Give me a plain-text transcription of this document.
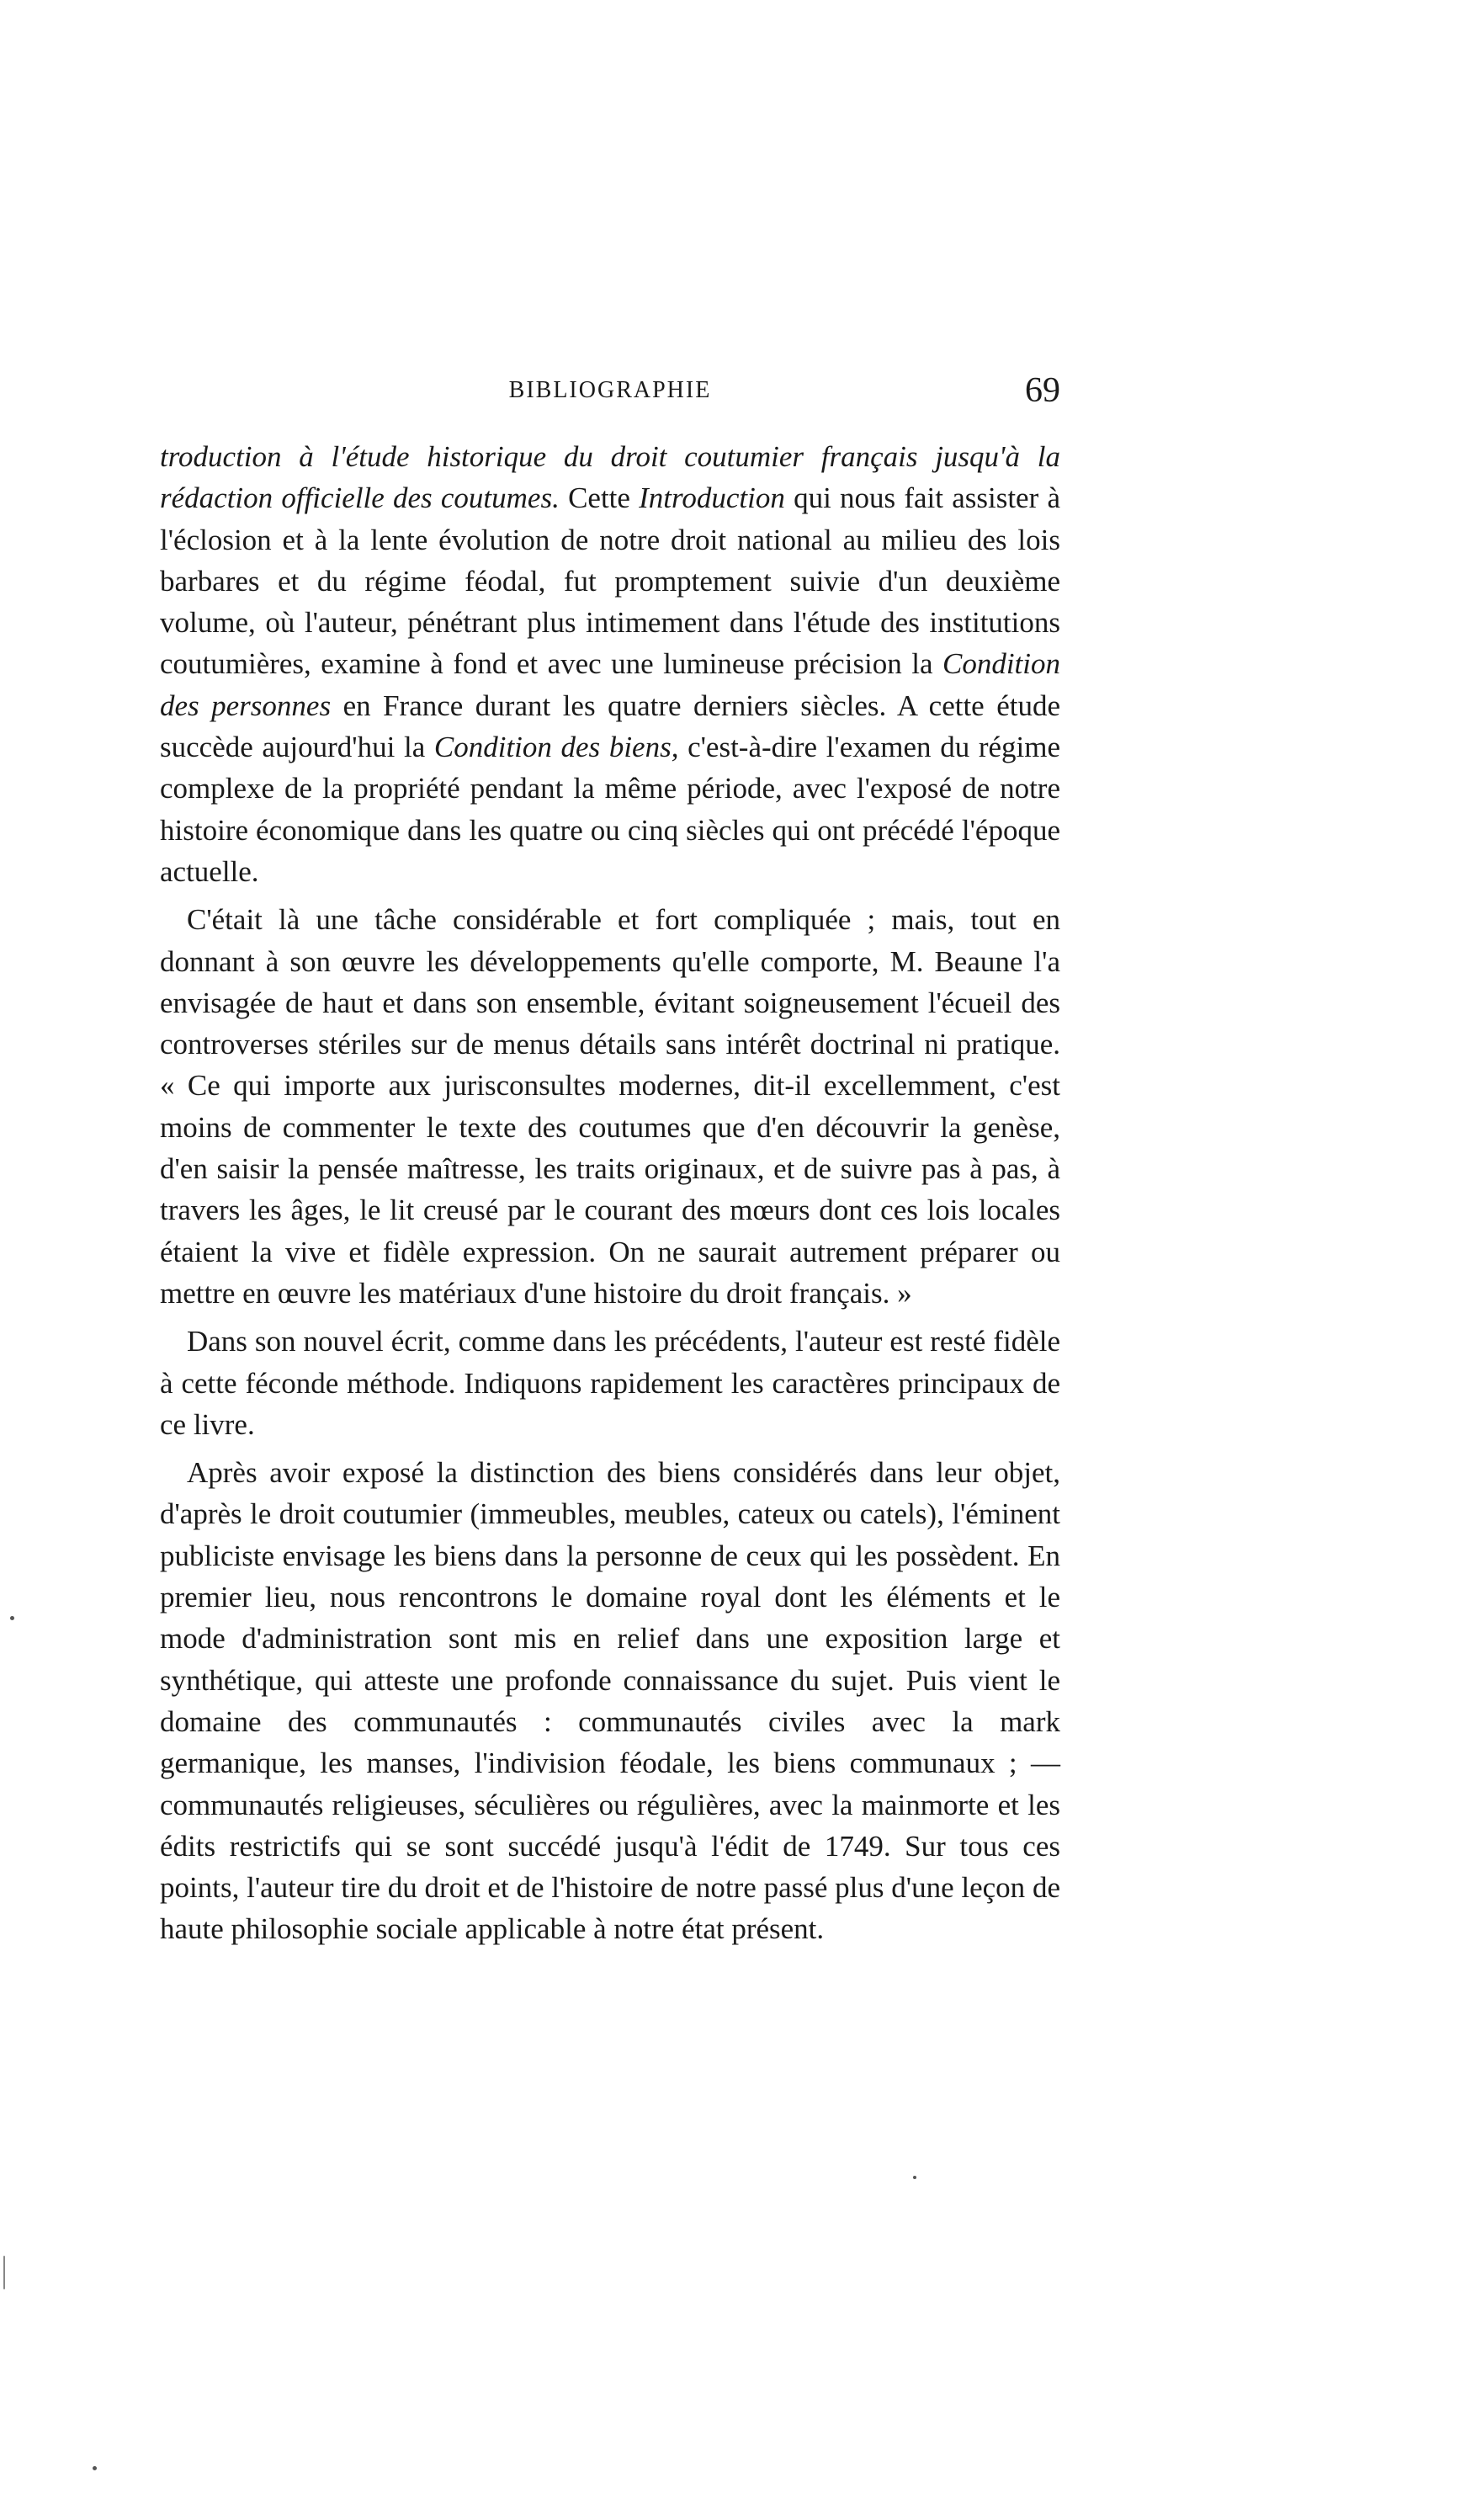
BIBLIOGRAPHIE	69

troduction à l'étude historique du droit coutumier français jusqu'à la rédaction officielle des coutumes. Cette Introduction qui nous fait assister à l'éclosion et à la lente évolution de notre droit national au milieu des lois barbares et du régime féodal, fut promptement suivie d'un deuxième volume, où l'auteur, pénétrant plus intimement dans l'étude des institutions coutumières, examine à fond et avec une lumineuse précision la Condition des personnes en France durant les quatre derniers siècles. A cette étude succède aujourd'hui la Condition des biens, c'est-à-dire l'examen du régime complexe de la propriété pendant la même période, avec l'exposé de notre histoire économique dans les quatre ou cinq siècles qui ont précédé l'époque actuelle.

C'était là une tâche considérable et fort compliquée ; mais, tout en donnant à son œuvre les développements qu'elle comporte, M. Beaune l'a envisagée de haut et dans son ensemble, évitant soigneusement l'écueil des controverses stériles sur de menus détails sans intérêt doctrinal ni pratique. « Ce qui importe aux jurisconsultes modernes, dit-il excellemment, c'est moins de commenter le texte des coutumes que d'en découvrir la genèse, d'en saisir la pensée maîtresse, les traits originaux, et de suivre pas à pas, à travers les âges, le lit creusé par le courant des mœurs dont ces lois locales étaient la vive et fidèle expression. On ne saurait autrement préparer ou mettre en œuvre les matériaux d'une histoire du droit français. »

Dans son nouvel écrit, comme dans les précédents, l'auteur est resté fidèle à cette féconde méthode. Indiquons rapidement les caractères principaux de ce livre.

Après avoir exposé la distinction des biens considérés dans leur objet, d'après le droit coutumier (immeubles, meubles, cateux ou catels), l'éminent publiciste envisage les biens dans la personne de ceux qui les possèdent. En premier lieu, nous rencontrons le domaine royal dont les éléments et le mode d'administration sont mis en relief dans une exposition large et synthétique, qui atteste une profonde connaissance du sujet. Puis vient le domaine des communautés : communautés civiles avec la mark germanique, les manses, l'indivision féodale, les biens communaux ; — communautés religieuses, séculières ou régulières, avec la mainmorte et les édits restrictifs qui se sont succédé jusqu'à l'édit de 1749. Sur tous ces points, l'auteur tire du droit et de l'histoire de notre passé plus d'une leçon de haute philosophie sociale applicable à notre état présent.
